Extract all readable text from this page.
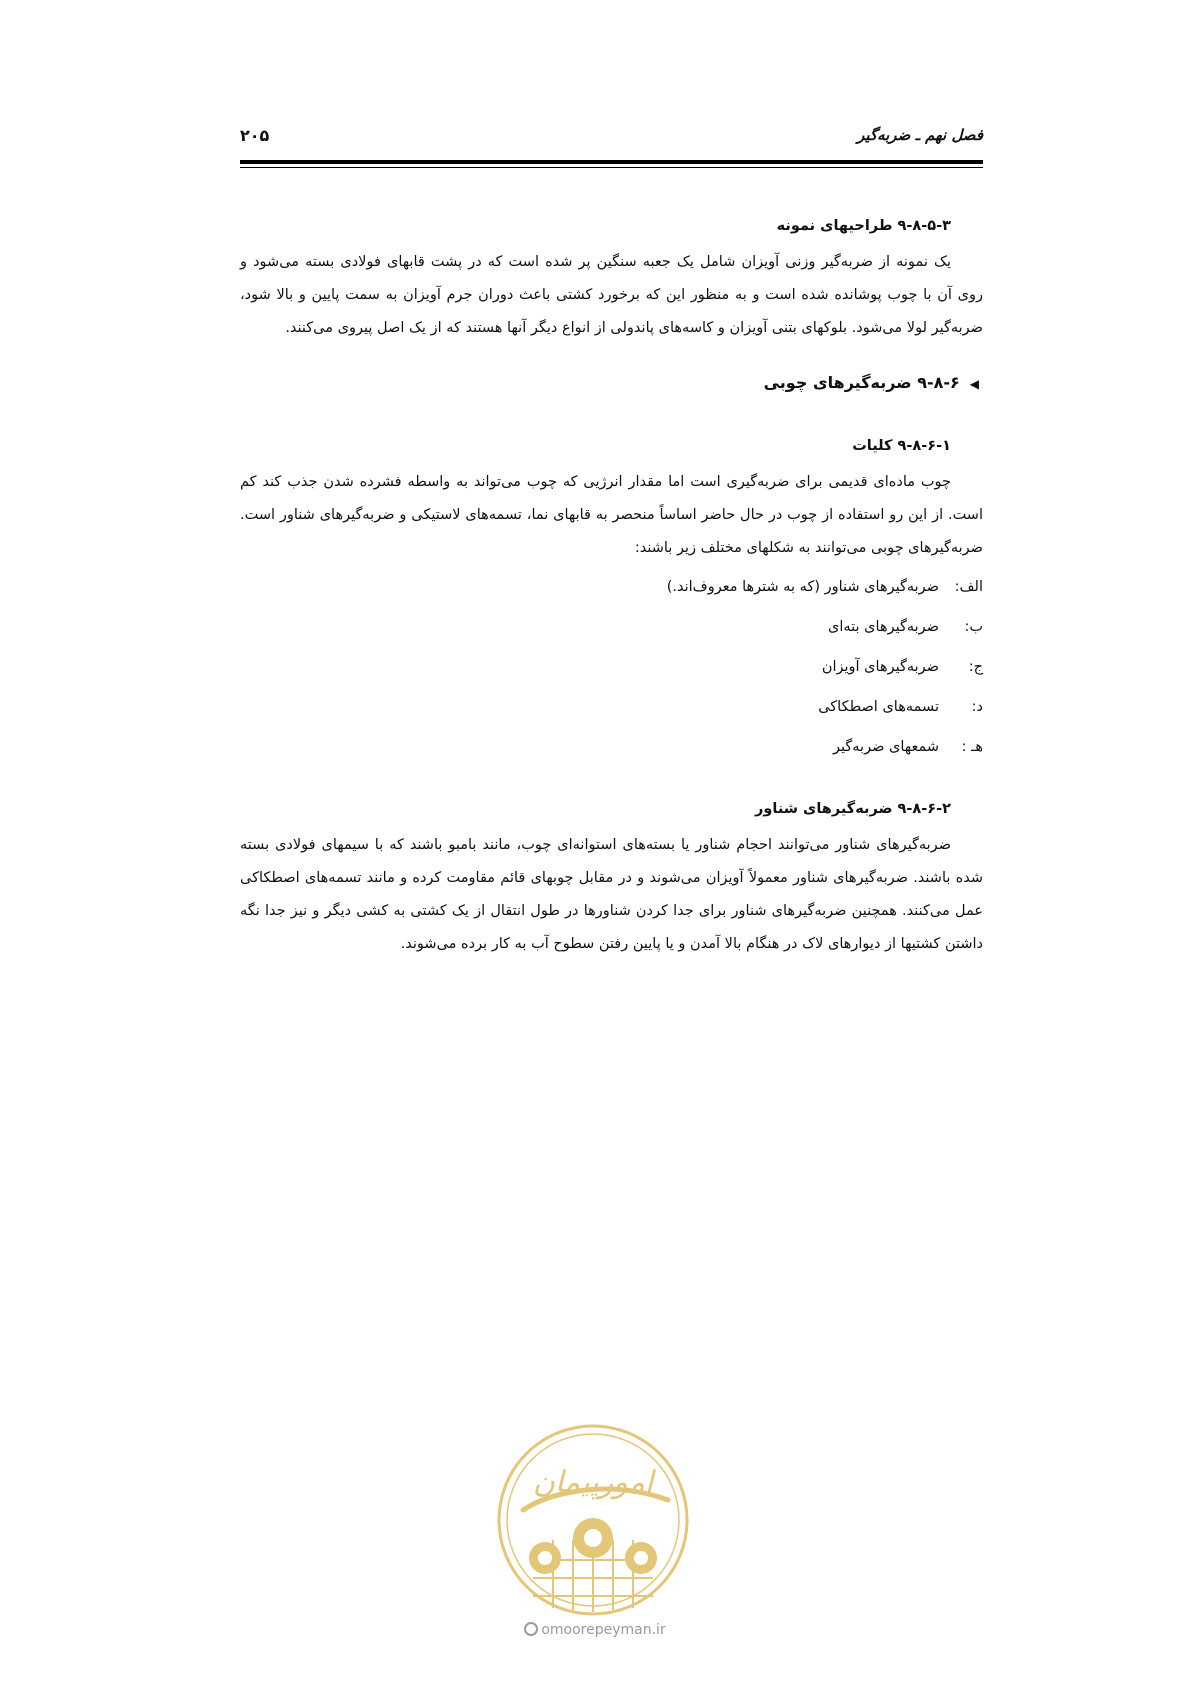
فصل نهم ـ ضربه‌گیر
۲۰۵
۹-۸-۵-۳ طراحیهای نمونه

یک نمونه از ضربه‌گیر وزنی آویزان شامل یک جعبه سنگین پر شده است که در پشت قابهای فولادی بسته می‌شود و روی آن با چوب پوشانده شده است و به منظور این که برخورد کشتی باعث دوران جرم آویزان به سمت پایین و بالا شود، ضربه‌گیر لولا می‌شود. بلوکهای بتنی آویزان و کاسه‌های پاندولی از انواع دیگر آنها هستند که از یک اصل پیروی می‌کنند.

◀۹-۸-۶ ضربه‌گیرهای چوبی
۹-۸-۶-۱ کلیات

چوب ماده‌ای قدیمی برای ضربه‌گیری است اما مقدار انرژیی که چوب می‌تواند به واسطه فشرده شدن جذب کند کم است. از این رو استفاده از چوب در حال حاضر اساساً منحصر به قابهای نما، تسمه‌های لاستیکی و ضربه‌گیرهای شناور است. ضربه‌گیرهای چوبی می‌توانند به شکلهای مختلف زیر باشند:

الف:
ضربه‌گیرهای شناور (که به شترها معروف‌اند.)
ب:
ضربه‌گیرهای بته‌ای
ج:
ضربه‌گیرهای آویزان
د:
تسمه‌های اصطکاکی
هـ :
شمعهای ضربه‌گیر
۹-۸-۶-۲ ضربه‌گیرهای شناور

ضربه‌گیرهای شناور می‌توانند احجام شناور یا بسته‌های استوانه‌ای چوب، مانند بامبو باشند که با سیمهای فولادی بسته شده باشند. ضربه‌گیرهای شناور معمولاً آویزان می‌شوند و در مقابل چوبهای قائم مقاومت کرده و مانند تسمه‌های اصطکاکی عمل می‌کنند. همچنین ضربه‌گیرهای شناور برای جدا کردن شناورها در طول انتقال از یک کشتی به کشی دیگر و نیز جدا نگه داشتن کشتیها از دیوارهای لاک در هنگام بالا آمدن و یا پایین رفتن سطوح آب به کار برده می‌شوند.

امورپیمان
omoorepeyman.ir
